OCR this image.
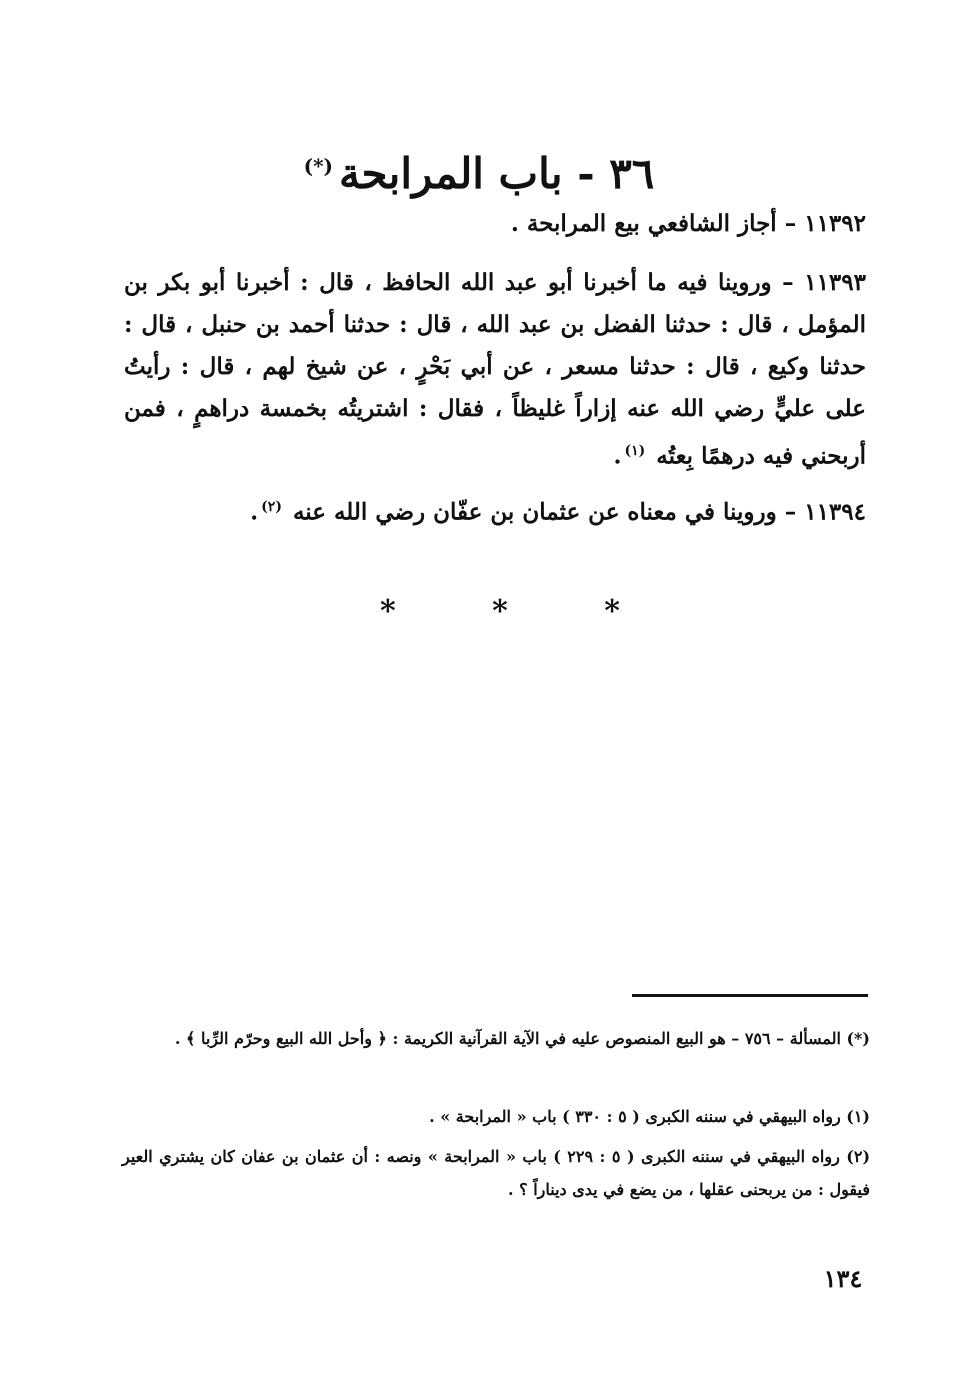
٣٦ - باب المرابحة(*)
١١٣٩٢ – أجاز الشافعي بيع المرابحة .
١١٣٩٣ – وروينا فيه ما أخبرنا أبو عبد الله الحافظ ، قال : أخبرنا أبو بكر بن المؤمل ، قال : حدثنا الفضل بن عبد الله ، قال : حدثنا أحمد بن حنبل ، قال : حدثنا وكيع ، قال : حدثنا مسعر ، عن أبي بَحْرٍ ، عن شيخ لهم ، قال : رأيتُ على عليٍّ رضي الله عنه إزاراً غليظاً ، فقال : اشتريتُه بخمسة دراهمٍ ، فمن أربحني فيه درهمًا بِعتُه $^{(١)}$.
١١٣٩٤ – وروينا في معناه عن عثمان بن عفّان رضي الله عنه $^{(٢)}$.
*	*	*
(*) المسألة – ٧٥٦ – هو البيع المنصوص عليه في الآية القرآنية الكريمة : ﴿ وأحل الله البيع وحرّم الرِّبا ﴾ .
(١) رواه البيهقي في سننه الكبرى ( ٥ : ٣٣٠ ) باب « المرابحة » .
(٢) رواه البيهقي في سننه الكبرى ( ٥ : ٢٢٩ ) باب « المرابحة » ونصه : أن عثمان بن عفان كان يشتري العير فيقول : من يربحنى عقلها ، من يضع في يدى ديناراً ؟ .
١٣٤
